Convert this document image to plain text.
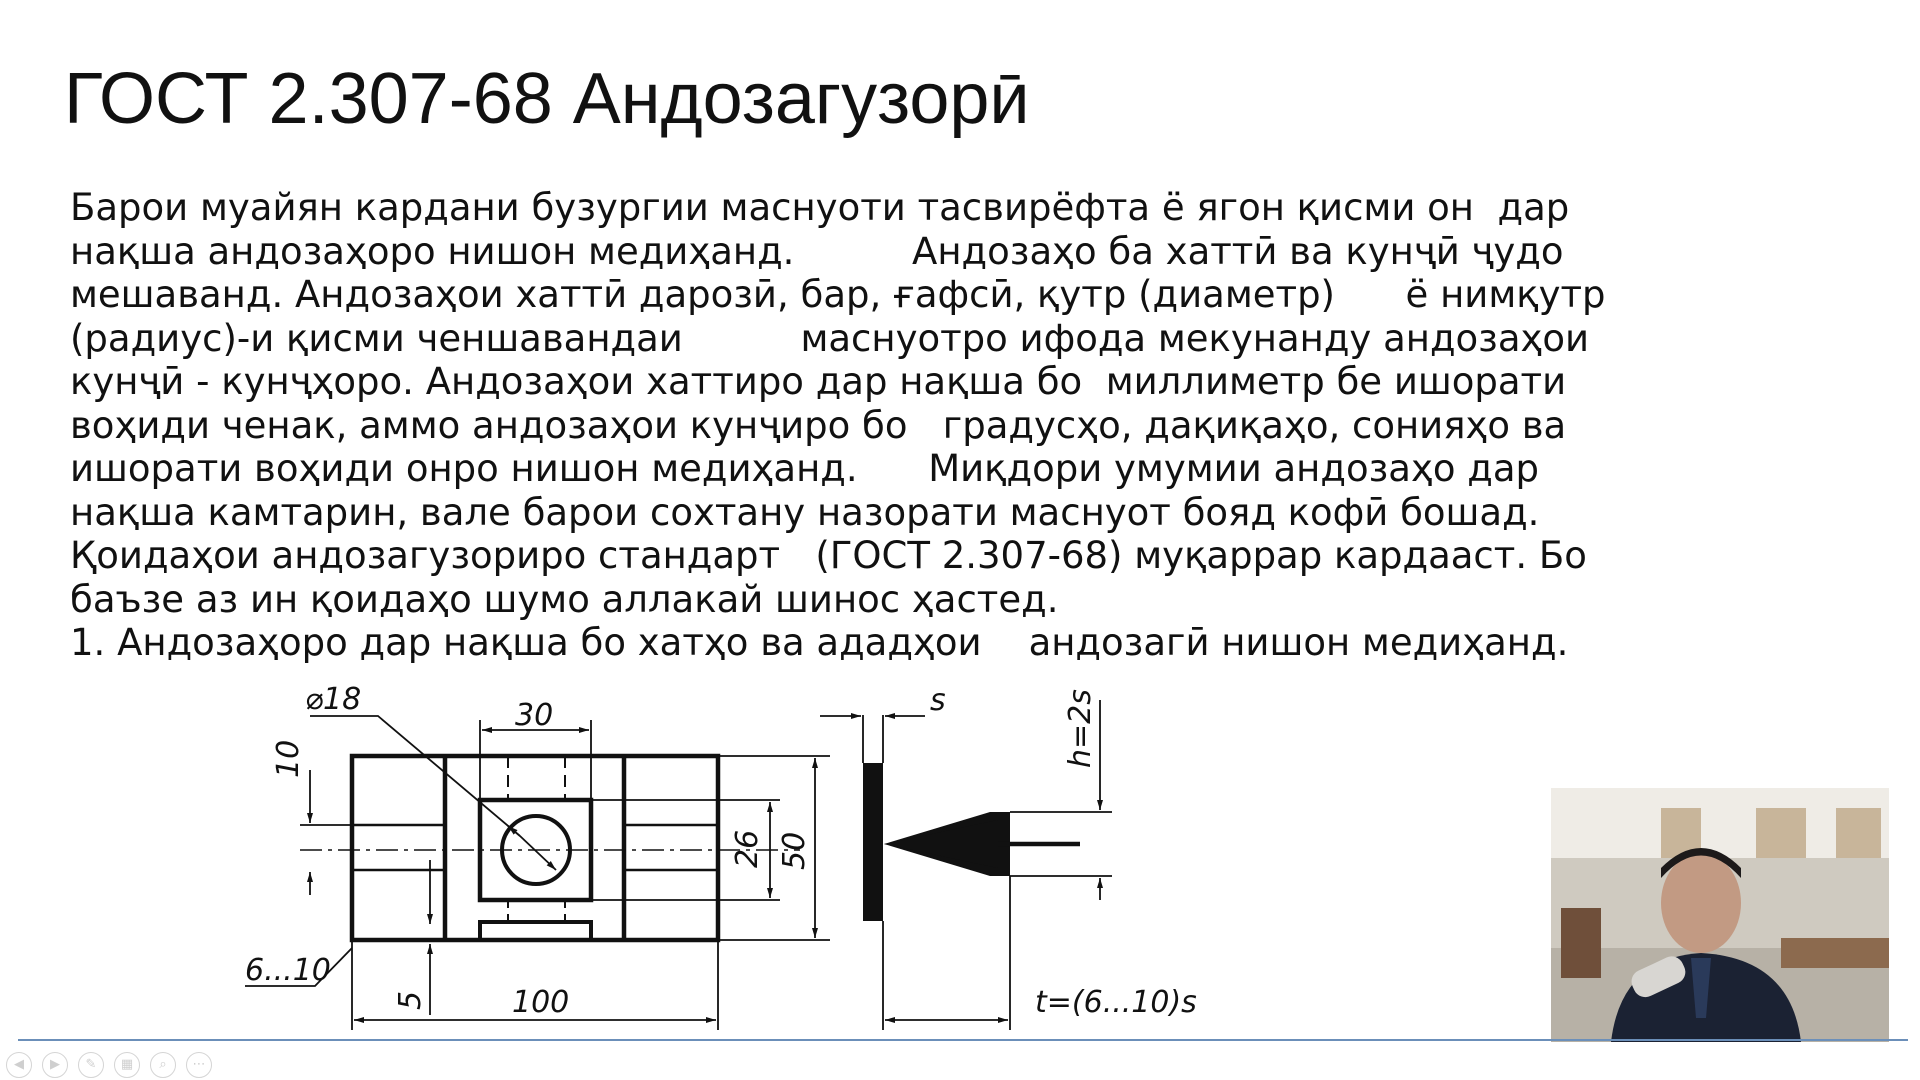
ГОСТ 2.307-68 Андозагузорӣ
Барои муайян кардани бузургии маснуоти тасвирёфта ё ягон қисми он  дар
нақша андозаҳоро нишон медиҳанд.          Андозаҳо ба хаттӣ ва кунҷӣ ҷудо
мешаванд. Андозаҳои хаттӣ дарозӣ, бар, ғафсӣ, қутр (диаметр)      ё нимқутр
(радиус)-и қисми ченшавандаи          маснуотро ифода мекунанду андозаҳои
кунҷӣ - кунҷҳоро. Андозаҳои хаттиро дар нақша бо  миллиметр бе ишорати
воҳиди ченак, аммо андозаҳои кунҷиро бо   градусҳо, дақиқаҳо, сонияҳо ва
ишорати воҳиди онро нишон медиҳанд.      Миқдори умумии андозаҳо дар
нақша камтарин, вале барои сохтану назорати маснуот бояд кофӣ бошад.
Қоидаҳои андозагузориро стандарт   (ГОСТ 2.307-68) муқаррар кардааст. Бо
баъзе аз ин қоидаҳо шумо аллакай шинос ҳастед.
1. Андозаҳоро дар нақша бо хатҳо ва ададҳои    андозагӣ нишон медиҳанд.
⌀18	30
10
26 50
6...10
5	100
s	h=2s
t=(6...10)s
◀	▶	✎	▦	⌕	⋯
